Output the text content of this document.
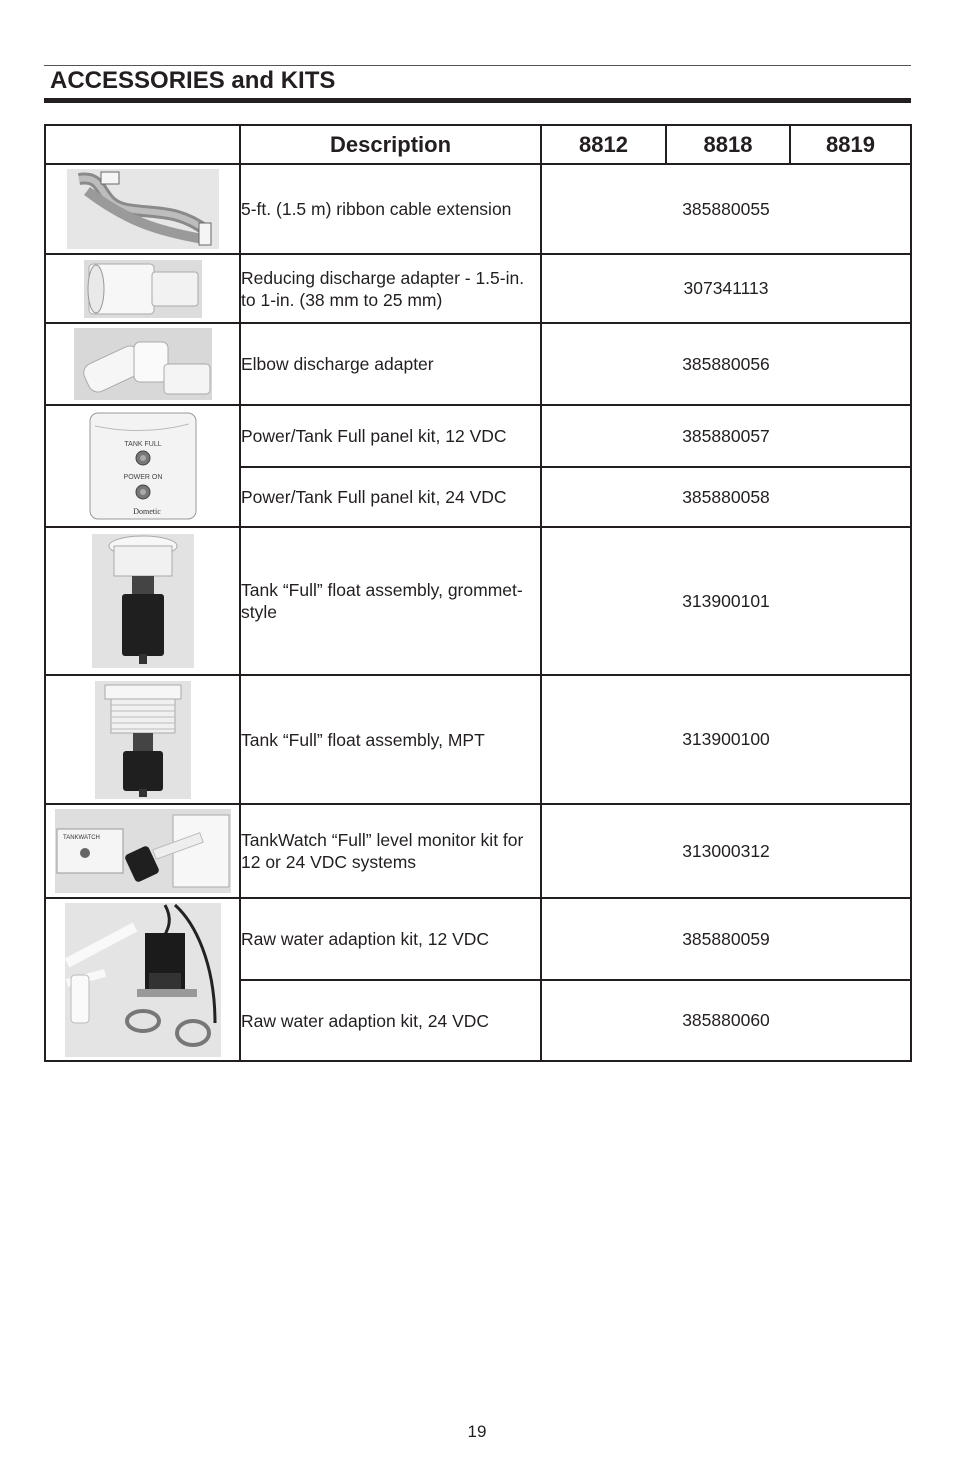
ACCESSORIES and KITS
	Description	8812	8818	8819

	5-ft. (1.5 m) ribbon cable extension	385880055		

	Reducing discharge adapter - 1.5-in. to 1-in. (38 mm to 25 mm)	307341113		

	Elbow discharge adapter	385880056		

TANK FULL
POWER ON
Dometic	Power/Tank Full panel kit, 12 VDC	385880057		
	Power/Tank Full panel kit, 24 VDC	385880058		

	Tank “Full” float assembly, grommet-style	313900101		

	Tank “Full” float assembly, MPT	313900100		

TANKWATCH	TankWatch “Full” level monitor kit for 12 or 24 VDC systems	313000312		

	Raw water adaption kit, 12 VDC	385880059		
	Raw water adaption kit, 24 VDC	385880060		
19
